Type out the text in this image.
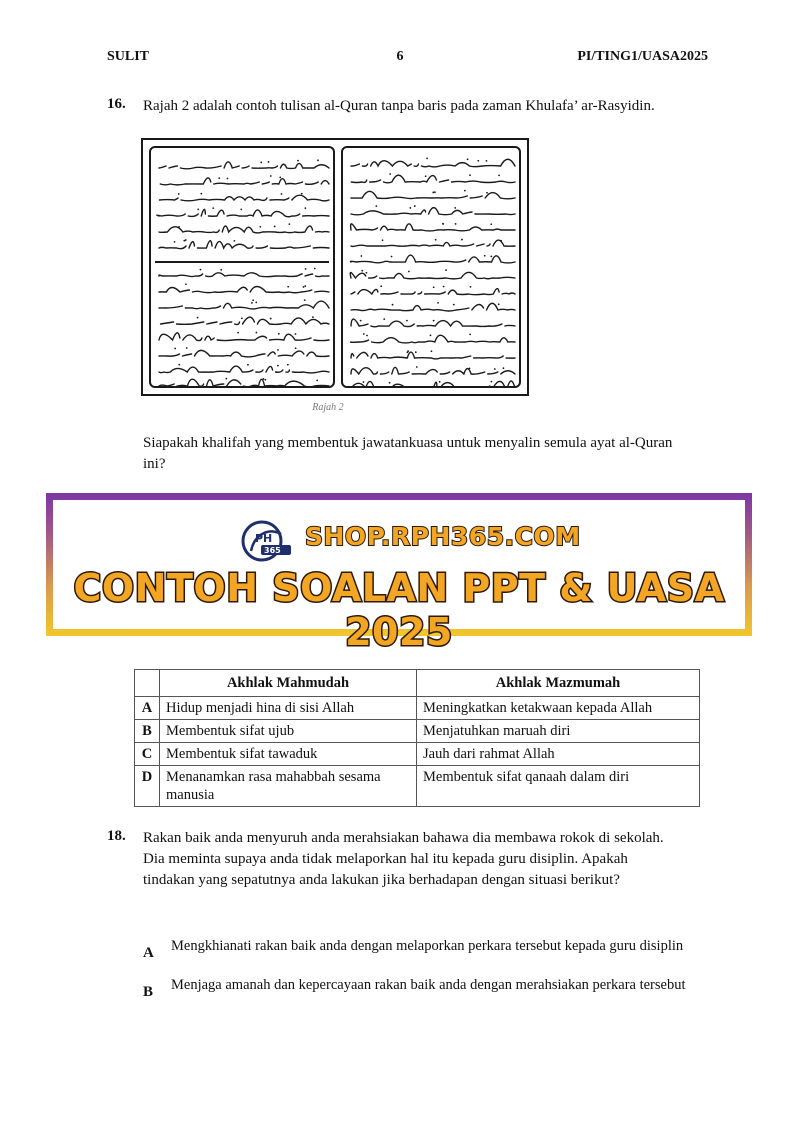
SULIT	6	PI/TING1/UASA2025
16. Rajah 2 adalah contoh tulisan al-Quran tanpa baris pada zaman Khulafa’ ar-Rasyidin.
Rajah 2
Siapakah khalifah yang membentuk jawatankuasa untuk menyalin semula ayat al-Quran ini?
PH
365 SHOP.RPH365.COM
CONTOH SOALAN PPT & UASA 2025
	Akhlak Mahmudah	Akhlak Mazmumah
A	Hidup menjadi hina di sisi Allah	Meningkatkan ketakwaan kepada Allah
B	Membentuk sifat ujub	Menjatuhkan maruah diri
C	Membentuk sifat tawaduk	Jauh dari rahmat Allah
D	Menanamkan rasa mahabbah sesama manusia	Membentuk sifat qanaah dalam diri
18. Rakan baik anda menyuruh anda merahsiakan bahawa dia membawa rokok di sekolah. Dia meminta supaya anda tidak melaporkan hal itu kepada guru disiplin. Apakah tindakan yang sepatutnya anda lakukan jika berhadapan dengan situasi berikut?
A Mengkhianati rakan baik anda dengan melaporkan perkara tersebut kepada guru disiplin
B Menjaga amanah dan kepercayaan rakan baik anda dengan merahsiakan perkara tersebut
